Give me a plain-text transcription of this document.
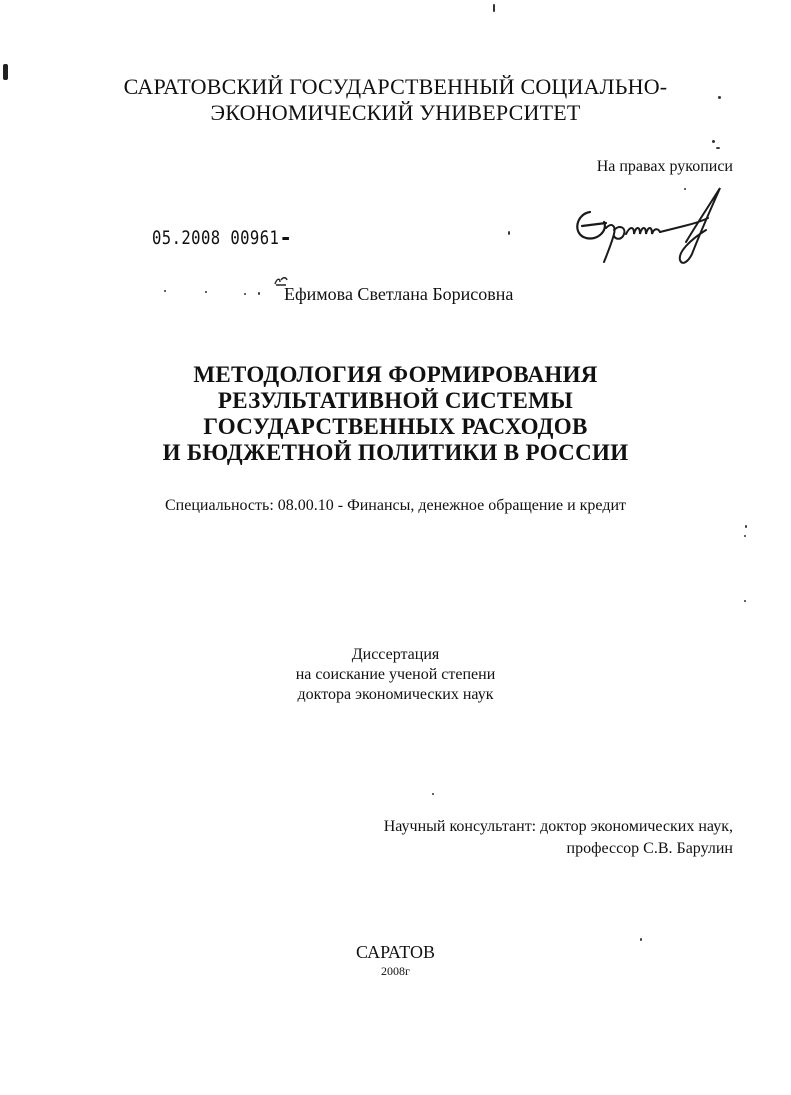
САРАТОВСКИЙ ГОСУДАРСТВЕННЫЙ СОЦИАЛЬНО-
ЭКОНОМИЧЕСКИЙ УНИВЕРСИТЕТ
На правах рукописи
05.2008 00961
Ефимова Светлана Борисовна
МЕТОДОЛОГИЯ ФОРМИРОВАНИЯ
РЕЗУЛЬТАТИВНОЙ СИСТЕМЫ
ГОСУДАРСТВЕННЫХ РАСХОДОВ
И БЮДЖЕТНОЙ ПОЛИТИКИ В РОССИИ
Специальность: 08.00.10 - Финансы, денежное обращение и кредит
Диссертация
на соискание ученой степени
доктора экономических наук
Научный консультант: доктор экономических наук,
профессор С.В. Барулин
САРАТОВ
2008г
